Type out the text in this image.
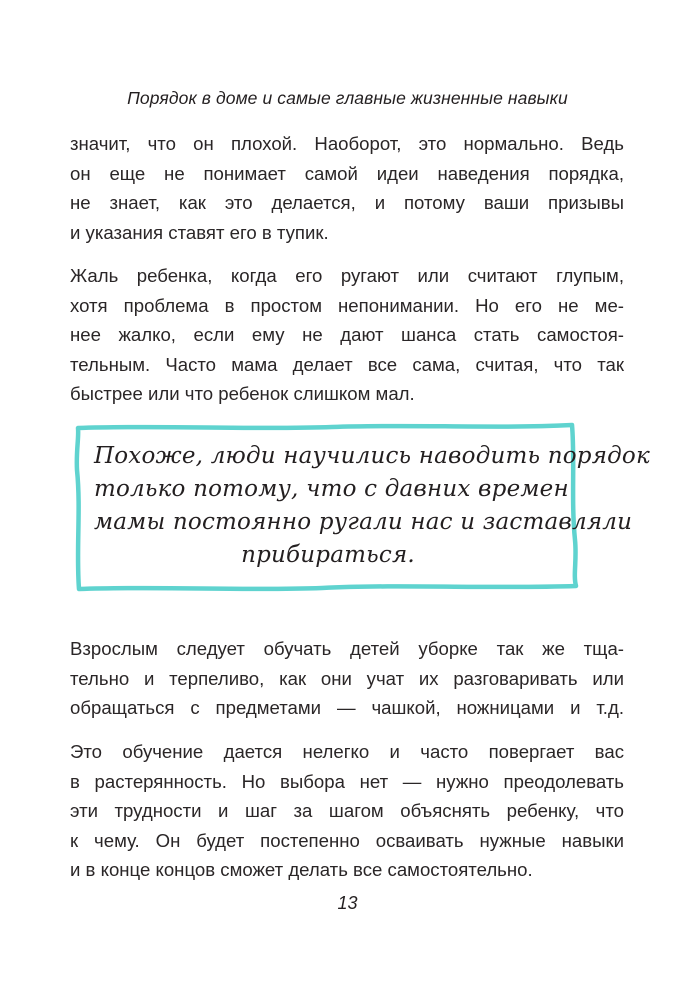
Порядок в доме и самые главные жизненные навыки

значит, что он плохой. Наоборот, это нормально. Ведь
он еще не понимает самой идеи наведения порядка,
не знает, как это делается, и потому ваши призывы
и указания ставят его в тупик.

Жаль ребенка, когда его ругают или считают глупым,
хотя проблема в простом непонимании. Но его не ме-
нее жалко, если ему не дают шанса стать самостоя-
тельным. Часто мама делает все сама, считая, что так
быстрее или что ребенок слишком мал.

Похоже, люди научились наводить порядок
только потому, что с давних времен
мамы постоянно ругали нас и заставляли
прибираться.

Взрослым следует обучать детей уборке так же тща-
тельно и терпеливо, как они учат их разговаривать или
обращаться с предметами — чашкой, ножницами и т.д.

Это обучение дается нелегко и часто повергает вас
в растерянность. Но выбора нет — нужно преодолевать
эти трудности и шаг за шагом объяснять ребенку, что
к чему. Он будет постепенно осваивать нужные навыки
и в конце концов сможет делать все самостоятельно.

13
